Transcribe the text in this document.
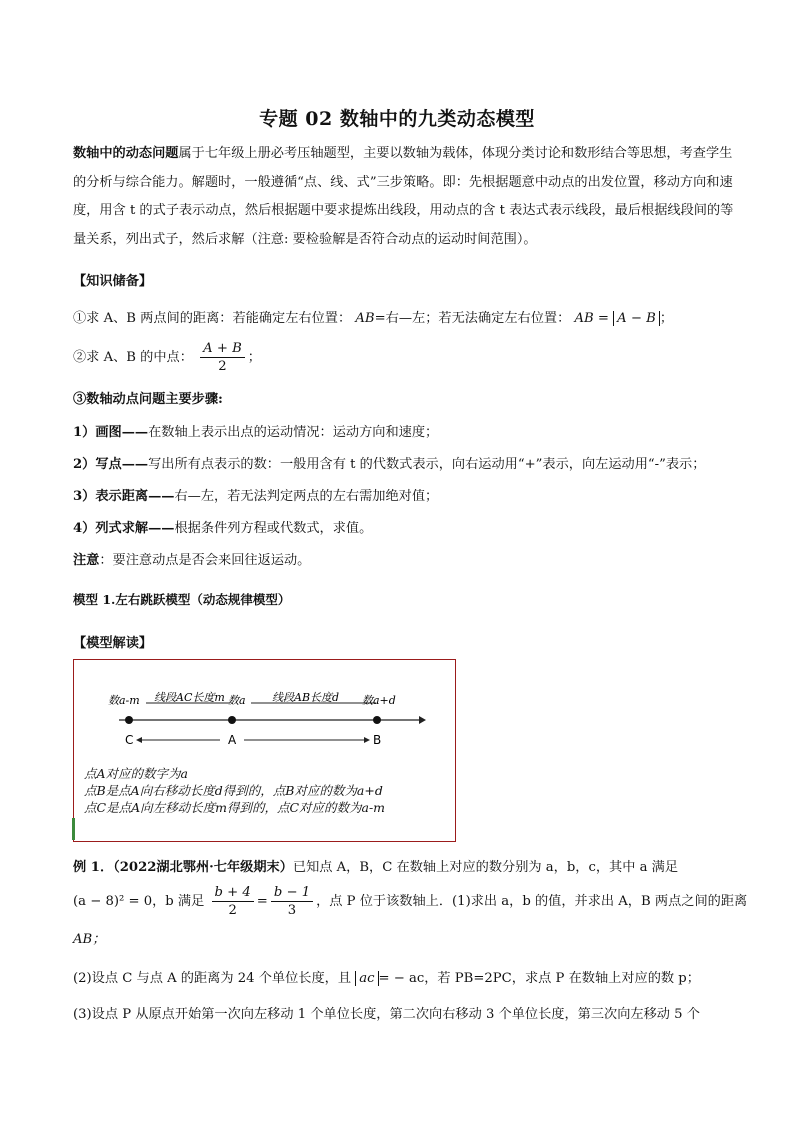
专题 02 数轴中的九类动态模型
数轴中的动态问题属于七年级上册必考压轴题型，主要以数轴为载体，体现分类讨论和数形结合等思想，考查学生的分析与综合能力。解题时，一般遵循“点、线、式”三步策略。即：先根据题意中动点的出发位置，移动方向和速度，用含 t 的式子表示动点，然后根据题中要求提炼出线段，用动点的含 t 表达式表示线段，最后根据线段间的等量关系，列出式子，然后求解（注意: 要检验解是否符合动点的运动时间范围）。
【知识储备】
①求 A、B 两点间的距离：若能确定左右位置： AB=右—左；若无法确定左右位置： AB = A − B ；
②求 A、B 的中点： $\frac{A + B}{2}$ ；
③数轴动点问题主要步骤:
1）画图——在数轴上表示出点的运动情况：运动方向和速度；
2）写点——写出所有点表示的数：一般用含有 t 的代数式表示，向右运动用“+”表示，向左运动用“-”表示；
3）表示距离——右—左，若无法判定两点的左右需加绝对值；
4）列式求解——根据条件列方程或代数式，求值。
注意：要注意动点是否会来回往返运动。
模型 1.左右跳跃模型（动态规律模型）
【模型解读】
数a-m 线段AC长度m 数a 线段AB长度d 数a+d
C	A	B
点A对应的数字为a
点B是点A向右移动长度d得到的，点B对应的数为a+d
点C是点A向左移动长度m得到的，点C对应的数为a-m
例 1．（2022湖北鄂州·七年级期末）已知点 A，B，C 在数轴上对应的数分别为 a，b，c，其中 a 满足
(a − 8)² = 0，b 满足 $\frac{b + 4}{2} = \frac{b - 1}{3}$ ，点 P 位于该数轴上．(1)求出 a，b 的值，并求出 A，B 两点之间的距离
AB；
(2)设点 C 与点 A 的距离为 24 个单位长度，且 ac = − ac，若 PB=2PC，求点 P 在数轴上对应的数 p；
(3)设点 P 从原点开始第一次向左移动 1 个单位长度，第二次向右移动 3 个单位长度，第三次向左移动 5 个
